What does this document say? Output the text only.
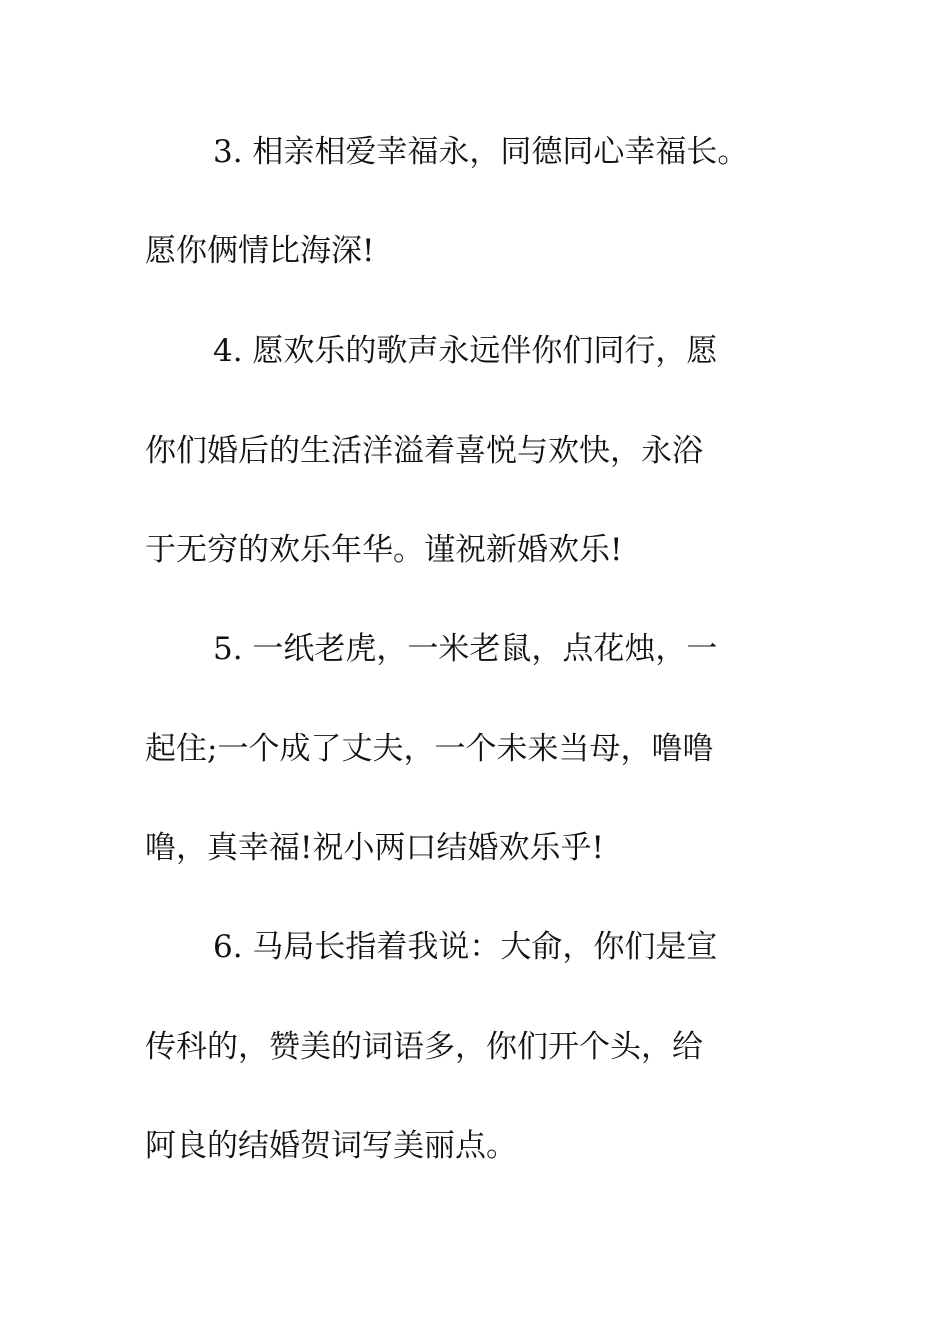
3. 相亲相爱幸福永，同德同心幸福长。
愿你俩情比海深!
4. 愿欢乐的歌声永远伴你们同行，愿
你们婚后的生活洋溢着喜悦与欢快，永浴
于无穷的欢乐年华。谨祝新婚欢乐!
5. 一纸老虎，一米老鼠，点花烛，一
起住;一个成了丈夫，一个未来当母，噜噜
噜，真幸福!祝小两口结婚欢乐乎!
6. 马局长指着我说：大俞，你们是宣
传科的，赞美的词语多，你们开个头，给
阿良的结婚贺词写美丽点。
